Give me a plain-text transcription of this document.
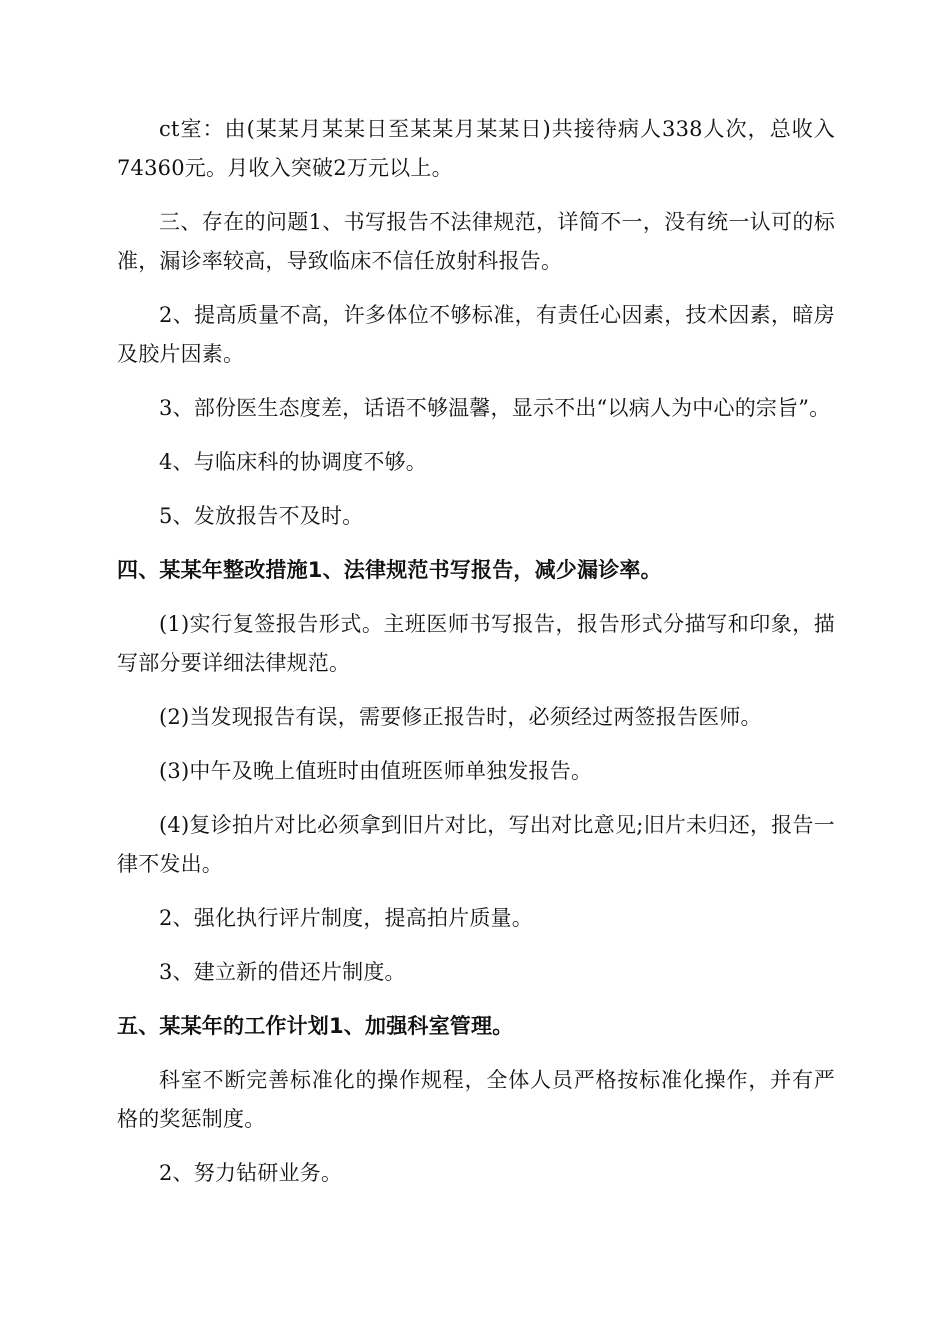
ct室：由(某某月某某日至某某月某某日)共接待病人338人次，总收入74360元。月收入突破2万元以上。

三、存在的问题1、书写报告不法律规范，详简不一，没有统一认可的标准，漏诊率较高，导致临床不信任放射科报告。

2、提高质量不高，许多体位不够标准，有责任心因素，技术因素，暗房及胶片因素。

3、部份医生态度差，话语不够温馨，显示不出“以病人为中心的宗旨”。

4、与临床科的协调度不够。

5、发放报告不及时。

四、某某年整改措施1、法律规范书写报告，减少漏诊率。

(1)实行复签报告形式。主班医师书写报告，报告形式分描写和印象，描写部分要详细法律规范。

(2)当发现报告有误，需要修正报告时，必须经过两签报告医师。

(3)中午及晚上值班时由值班医师单独发报告。

(4)复诊拍片对比必须拿到旧片对比，写出对比意见;旧片未归还，报告一律不发出。

2、强化执行评片制度，提高拍片质量。

3、建立新的借还片制度。

五、某某年的工作计划1、加强科室管理。

科室不断完善标准化的操作规程，全体人员严格按标准化操作，并有严格的奖惩制度。

2、努力钻研业务。
